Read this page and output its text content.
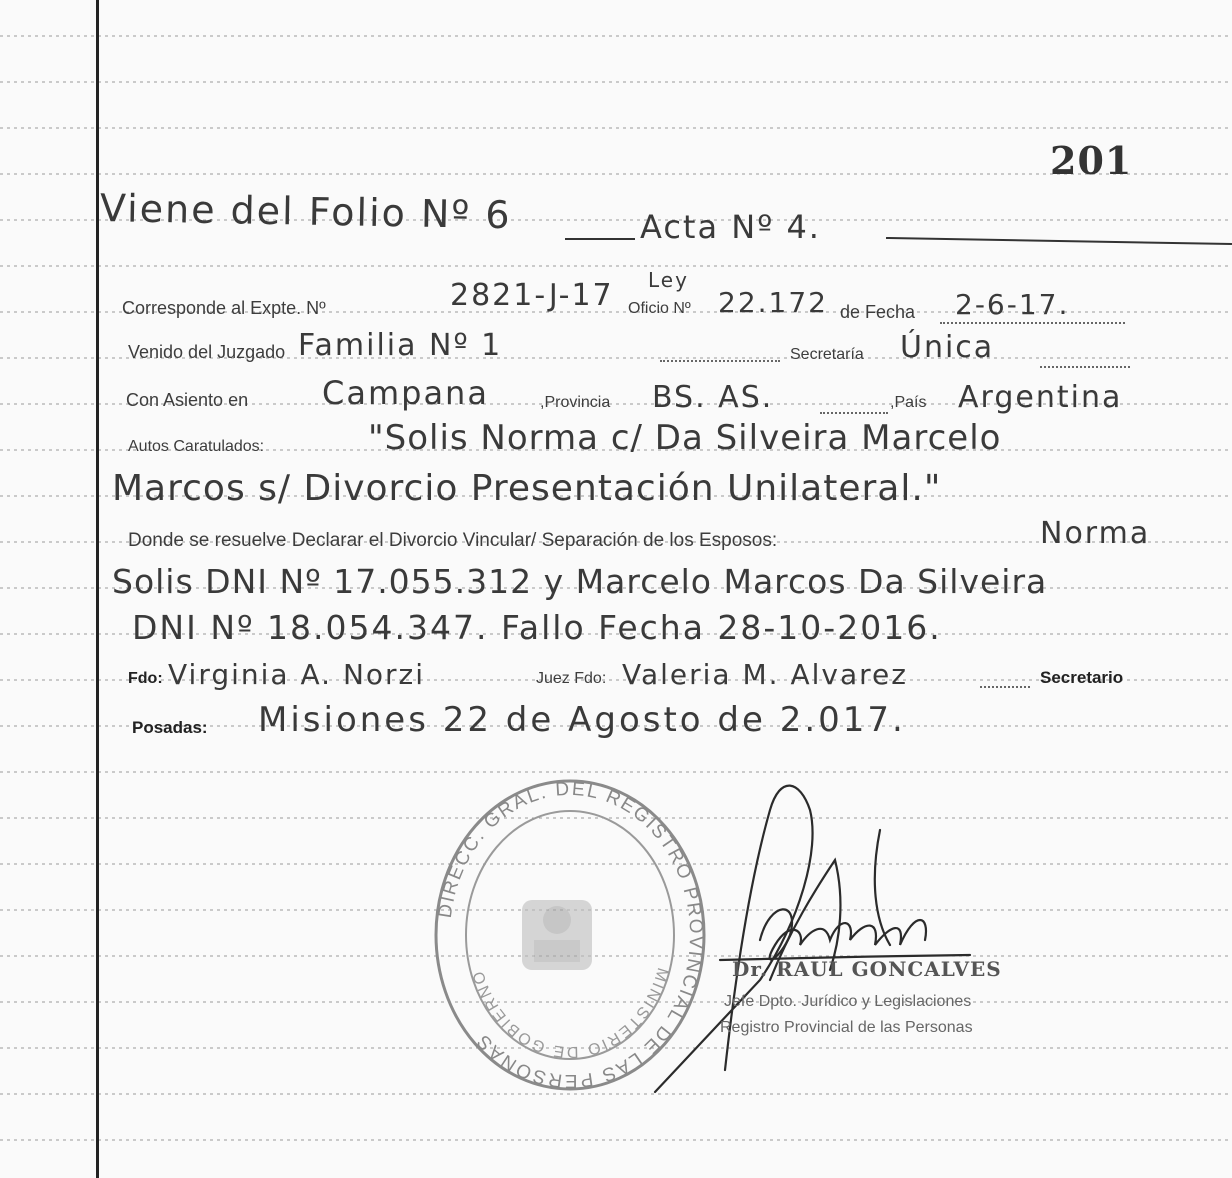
201
Viene del Folio Nº 6	Acta Nº 4.
Corresponde al Expte. Nº	2821-J-17 Ley
Oficio Nº 22.172 de Fecha 2-6-17.
Venido del Juzgado Familia Nº 1	Secretaría Única
Con Asiento en Campana	,Provincia BS. AS.	,País Argentina
Autos Caratulados:	"Solis Norma c/ Da Silveira Marcelo
Marcos s/ Divorcio Presentación Unilateral."
Donde se resuelve Declarar el Divorcio Vincular/ Separación de los Esposos:	Norma
Solis DNI Nº 17.055.312 y Marcelo Marcos Da Silveira
DNI Nº 18.054.347. Fallo Fecha 28-10-2016.
Fdo: Virginia A. Norzi	Juez Fdo: Valeria M. Alvarez	Secretario
Posadas: Misiones 22 de Agosto de 2.017.
DIRECC. GRAL. DEL REGISTRO PROVINCIAL DE LAS PERSONAS
MINISTERIO DE GOBIERNO	Dr. RAUL GONCALVES
Jefe Dpto. Jurídico y Legislaciones
Registro Provincial de las Personas
